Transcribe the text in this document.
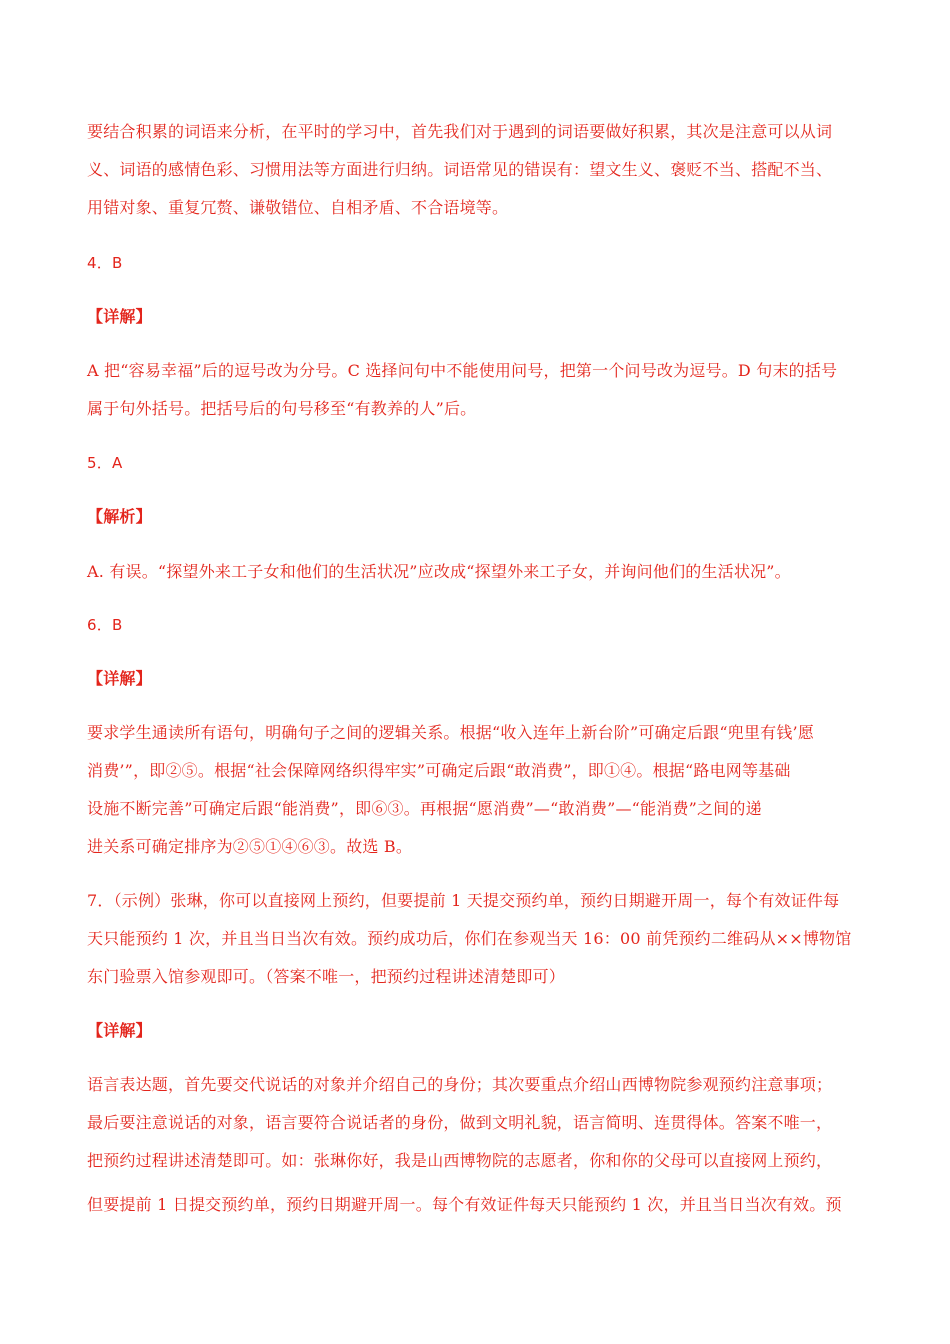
要结合积累的词语来分析，在平时的学习中，首先我们对于遇到的词语要做好积累，其次是注意可以从词
义、词语的感情色彩、习惯用法等方面进行归纳。词语常见的错误有：望文生义、褒贬不当、搭配不当、
用错对象、重复冗赘、谦敬错位、自相矛盾、不合语境等。
4．B
【详解】
A 把“容易幸福”后的逗号改为分号。C 选择问句中不能使用问号，把第一个问号改为逗号。D 句末的括号
属于句外括号。把括号后的句号移至“有教养的人”后。
5．A
【解析】
A. 有误。“探望外来工子女和他们的生活状况”应改成“探望外来工子女，并询问他们的生活状况”。
6．B
【详解】
要求学生通读所有语句，明确句子之间的逻辑关系。根据“收入连年上新台阶”可确定后跟“兜里有钱’愿
消费’”，即②⑤。根据“社会保障网络织得牢实”可确定后跟“敢消费”，即①④。根据“路电网等基础
设施不断完善”可确定后跟“能消费”，即⑥③。再根据“愿消费”—“敢消费”—“能消费”之间的递
进关系可确定排序为②⑤①④⑥③。故选 B。
7．（示例）张琳，你可以直接网上预约，但要提前 1 天提交预约单，预约日期避开周一，每个有效证件每
天只能预约 1 次，并且当日当次有效。预约成功后，你们在参观当天 16：00 前凭预约二维码从××博物馆
东门验票入馆参观即可。（答案不唯一，把预约过程讲述清楚即可）
【详解】
语言表达题，首先要交代说话的对象并介绍自己的身份；其次要重点介绍山西博物院参观预约注意事项；
最后要注意说话的对象，语言要符合说话者的身份，做到文明礼貌，语言简明、连贯得体。答案不唯一，
把预约过程讲述清楚即可。如：张琳你好，我是山西博物院的志愿者，你和你的父母可以直接网上预约，
但要提前 1 日提交预约单，预约日期避开周一。每个有效证件每天只能预约 1 次，并且当日当次有效。预
